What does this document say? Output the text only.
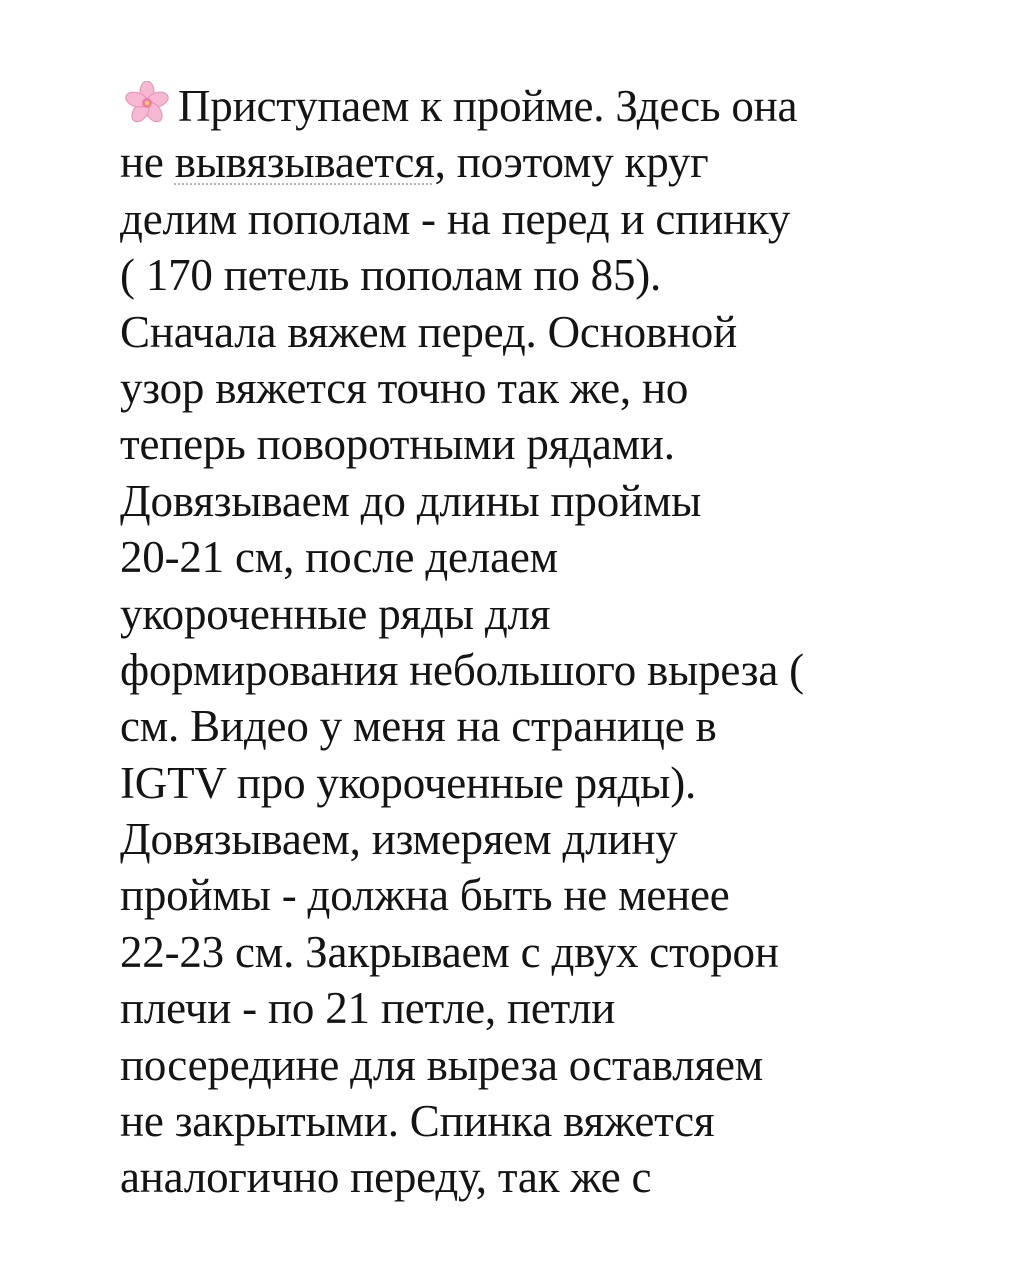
Приступаем к пройме. Здесь она
не вывязывается, поэтому круг
делим пополам - на перед и спинку
( 170 петель пополам по 85).
Сначала вяжем перед. Основной
узор вяжется точно так же, но
теперь поворотными рядами.
Довязываем до длины проймы
20-21 см, после делаем
укороченные ряды для
формирования небольшого выреза (
см. Видео у меня на странице в
IGTV про укороченные ряды).
Довязываем, измеряем длину
проймы - должна быть не менее
22-23 см. Закрываем с двух сторон
плечи - по 21 петле, петли
посередине для выреза оставляем
не закрытыми. Спинка вяжется
аналогично переду, так же с
